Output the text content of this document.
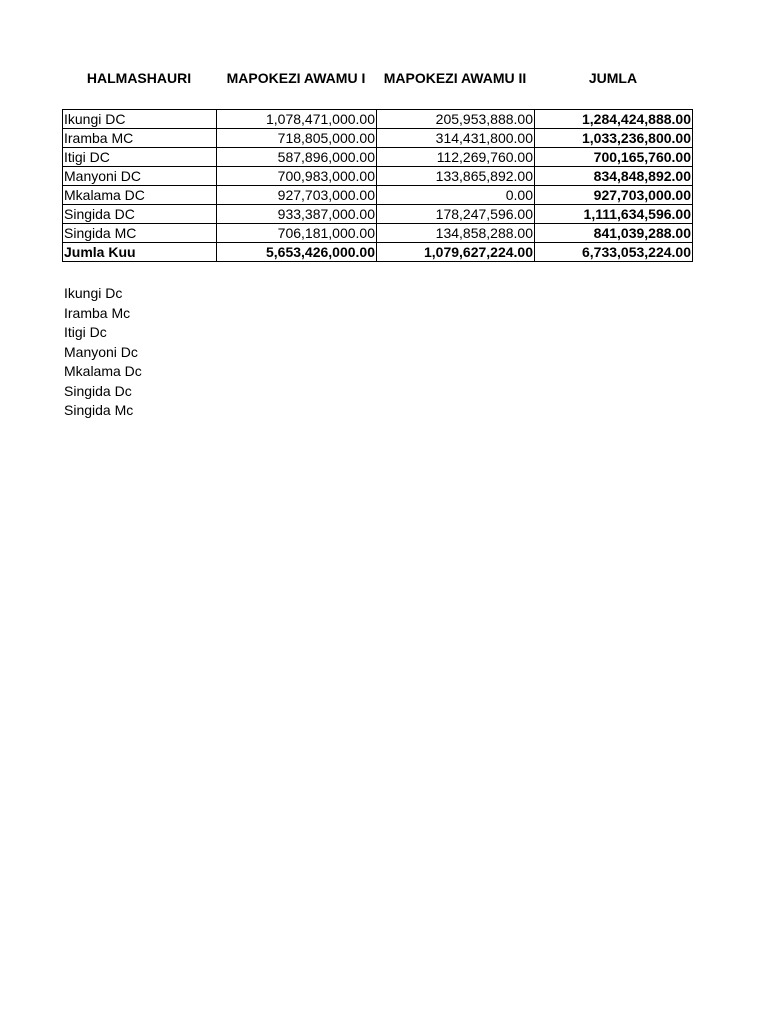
HALMASHAURI	MAPOKEZI AWAMU I	MAPOKEZI AWAMU II	JUMLA
Ikungi DC	1,078,471,000.00	205,953,888.00	1,284,424,888.00
Iramba MC	718,805,000.00	314,431,800.00	1,033,236,800.00
Itigi DC	587,896,000.00	112,269,760.00	700,165,760.00
Manyoni DC	700,983,000.00	133,865,892.00	834,848,892.00
Mkalama DC	927,703,000.00	0.00	927,703,000.00
Singida DC	933,387,000.00	178,247,596.00	1,111,634,596.00
Singida MC	706,181,000.00	134,858,288.00	841,039,288.00
Jumla Kuu	5,653,426,000.00	1,079,627,224.00	6,733,053,224.00
Ikungi Dc
Iramba Mc
Itigi Dc
Manyoni Dc
Mkalama Dc
Singida Dc
Singida Mc
